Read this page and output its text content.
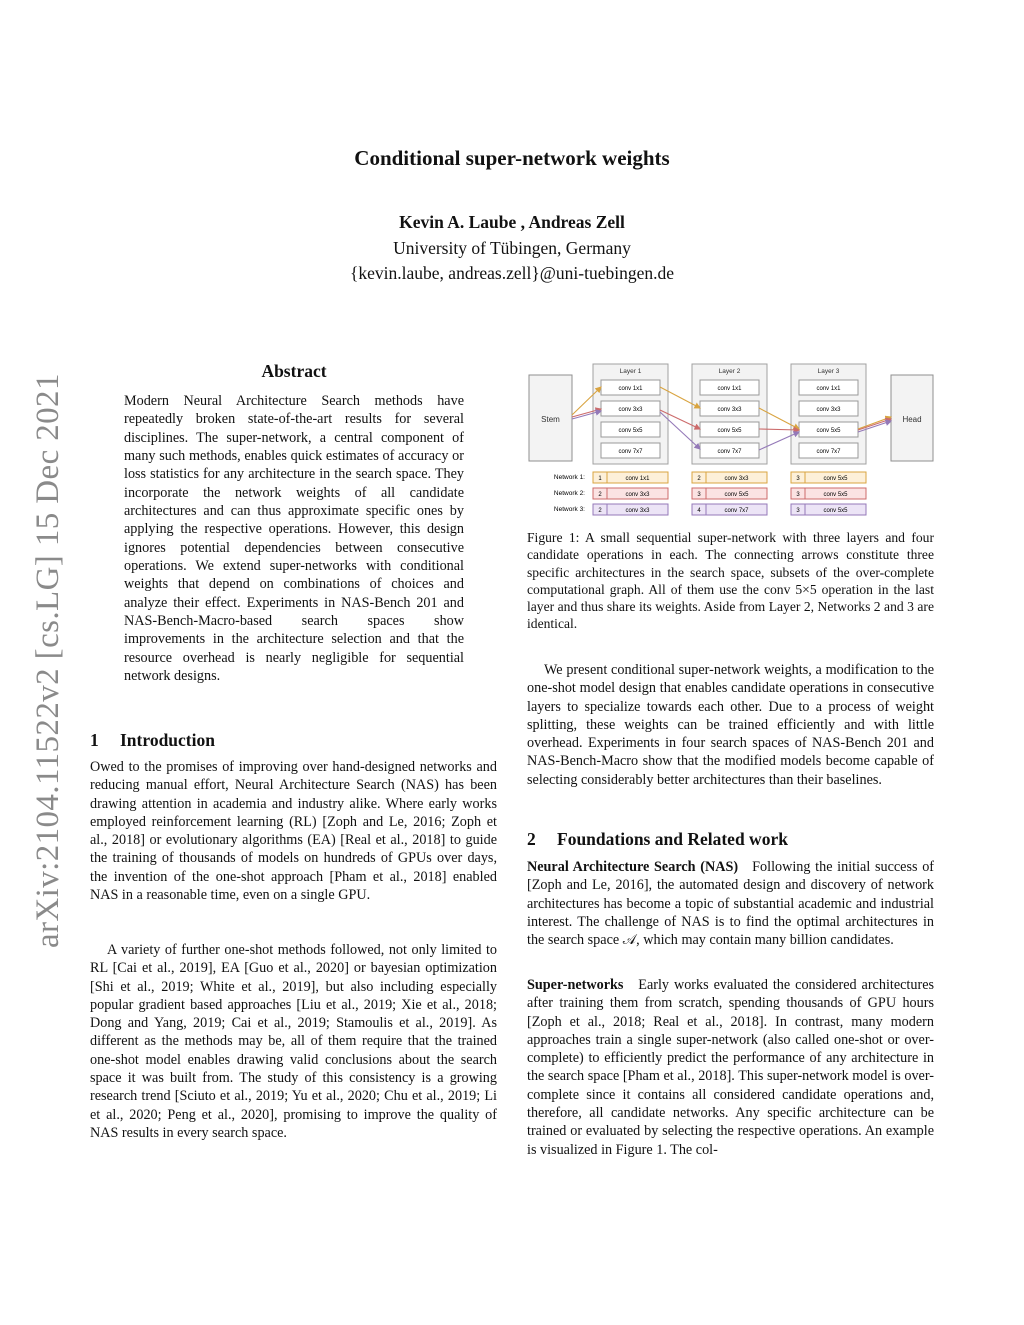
arXiv:2104.11522v2 [cs.LG] 15 Dec 2021
Conditional super-network weights
Kevin A. Laube , Andreas Zell
University of Tübingen, Germany
{kevin.laube, andreas.zell}@uni-tuebingen.de
Abstract
Modern Neural Architecture Search methods have repeatedly broken state-of-the-art results for several disciplines. The super-network, a central component of many such methods, enables quick estimates of accuracy or loss statistics for any architecture in the search space. They incorporate the network weights of all candidate architectures and can thus approximate specific ones by applying the respective operations. However, this design ignores potential dependencies between consecutive operations. We extend super-networks with conditional weights that depend on combinations of choices and analyze their effect. Experiments in NAS-Bench 201 and NAS-Bench-Macro-based search spaces show improvements in the architecture selection and that the resource overhead is nearly negligible for sequential network designs.
1 Introduction
Owed to the promises of improving over hand-designed networks and reducing manual effort, Neural Architecture Search (NAS) has been drawing attention in academia and industry alike. Where early works employed reinforcement learning (RL) [Zoph and Le, 2016; Zoph et al., 2018] or evolutionary algorithms (EA) [Real et al., 2018] to guide the training of thousands of models on hundreds of GPUs over days, the invention of the one-shot approach [Pham et al., 2018] enabled NAS in a reasonable time, even on a single GPU.
A variety of further one-shot methods followed, not only limited to RL [Cai et al., 2019], EA [Guo et al., 2020] or bayesian optimization [Shi et al., 2019; White et al., 2019], but also including especially popular gradient based approaches [Liu et al., 2019; Xie et al., 2018; Dong and Yang, 2019; Cai et al., 2019; Stamoulis et al., 2019]. As different as the methods may be, all of them require that the trained one-shot model enables drawing valid conclusions about the search space it was built from. The study of this consistency is a growing research trend [Sciuto et al., 2019; Yu et al., 2020; Chu et al., 2019; Li et al., 2020; Peng et al., 2020], promising to improve the quality of NAS results in every search space.
Stem	Head
Layer 1	Layer 2	Layer 3
conv 1x1
conv 3x3
conv 5x5
conv 7x7
conv 1x1
conv 3x3
conv 5x5
conv 7x7
conv 1x1
conv 3x3
conv 5x5
conv 7x7
Network 1: 1	conv 1x1	2	conv 3x3	3	conv 5x5
Network 2: 2	conv 3x3	3	conv 5x5	3	conv 5x5
Network 3: 2	conv 3x3	4	conv 7x7	3	conv 5x5
Figure 1: A small sequential super-network with three layers and four candidate operations in each. The connecting arrows constitute three specific architectures in the search space, subsets of the over-complete computational graph. All of them use the conv 5×5 operation in the last layer and thus share its weights. Aside from Layer 2, Networks 2 and 3 are identical.
We present conditional super-network weights, a modification to the one-shot model design that enables candidate operations in consecutive layers to specialize towards each other. Due to a process of weight splitting, these weights can be trained efficiently and with little overhead. Experiments in four search spaces of NAS-Bench 201 and NAS-Bench-Macro show that the modified models become capable of selecting considerably better architectures than their baselines.
2 Foundations and Related work
Neural Architecture Search (NAS) Following the initial success of [Zoph and Le, 2016], the automated design and discovery of network architectures has become a topic of substantial academic and industrial interest. The challenge of NAS is to find the optimal architectures in the search space 𝒜, which may contain many billion candidates.
Super-networks Early works evaluated the considered architectures after training them from scratch, spending thousands of GPU hours [Zoph et al., 2018; Real et al., 2018]. In contrast, many modern approaches train a single super-network (also called one-shot or over-complete) to efficiently predict the performance of any architecture in the search space [Pham et al., 2018]. This super-network model is over-complete since it contains all considered candidate operations and, therefore, all candidate networks. Any specific architecture can be trained or evaluated by selecting the respective operations. An example is visualized in Figure 1. The col-
